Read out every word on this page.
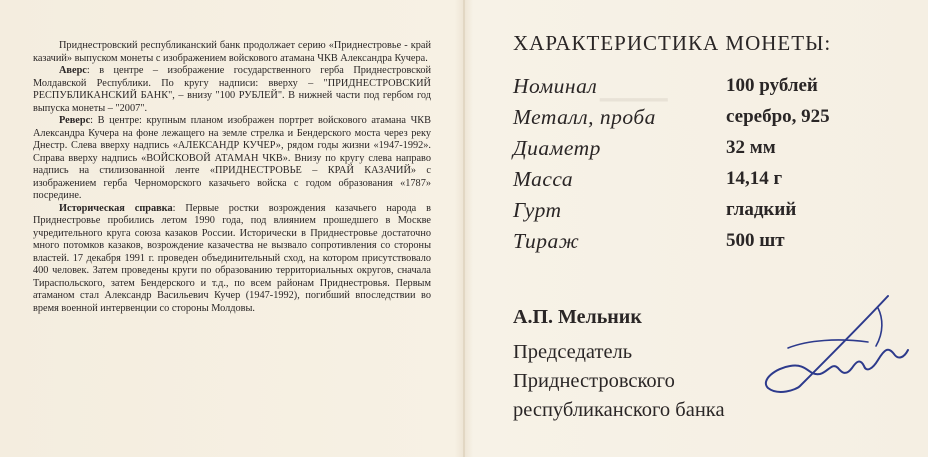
▁▁▁▁

Приднестровский республиканский банк продолжает серию «Приднестровье - край казачий» выпуском монеты с изображением войскового атамана ЧКВ Александра Кучера.

Аверс: в центре – изображение государственного герба Приднестровской Молдавской Республики. По кругу надписи: вверху – "ПРИДНЕСТРОВСКИЙ РЕСПУБЛИКАНСКИЙ БАНК", – внизу "100 РУБЛЕЙ". В нижней части под гербом год выпуска монеты – "2007".

Реверс: В центре: крупным планом изображен портрет войскового атамана ЧКВ Александра Кучера на фоне лежащего на земле стрелка и Бендерского моста через реку Днестр. Слева вверху надпись «АЛЕКСАНДР КУЧЕР», рядом годы жизни «1947-1992». Справа вверху надпись «ВОЙСКОВОЙ АТАМАН ЧКВ». Внизу по кругу слева направо надпись на стилизованной ленте «ПРИДНЕСТРОВЬЕ – КРАЙ КАЗАЧИЙ» с изображением герба Черноморского казачьего войска с годом образования «1787» посредине.

Историческая справка: Первые ростки возрождения казачьего народа в Приднестровье пробились летом 1990 года, под влиянием прошедшего в Москве учредительного круга союза казаков России. Исторически в Приднестровье достаточно много потомков казаков, возрождение казачества не вызвало сопротивления со стороны властей. 17 декабря 1991 г. проведен объединительный сход, на котором присутствовало 400 человек. Затем проведены круги по образованию территориальных округов, сначала Тираспольского, затем Бендерского и т.д., по всем районам Приднестровья. Первым атаманом стал Александр Васильевич Кучер (1947-1992), погибший впоследствии во время военной интервенции со стороны Молдовы.

ХАРАКТЕРИСТИКА МОНЕТЫ:
Номинал	100 рублей
Металл, проба	серебро, 925
Диаметр	32 мм
Масса	14,14 г
Гурт	гладкий
Тираж	500 шт
А.П. Мельник
Председатель
Приднестровского
республиканского банка
